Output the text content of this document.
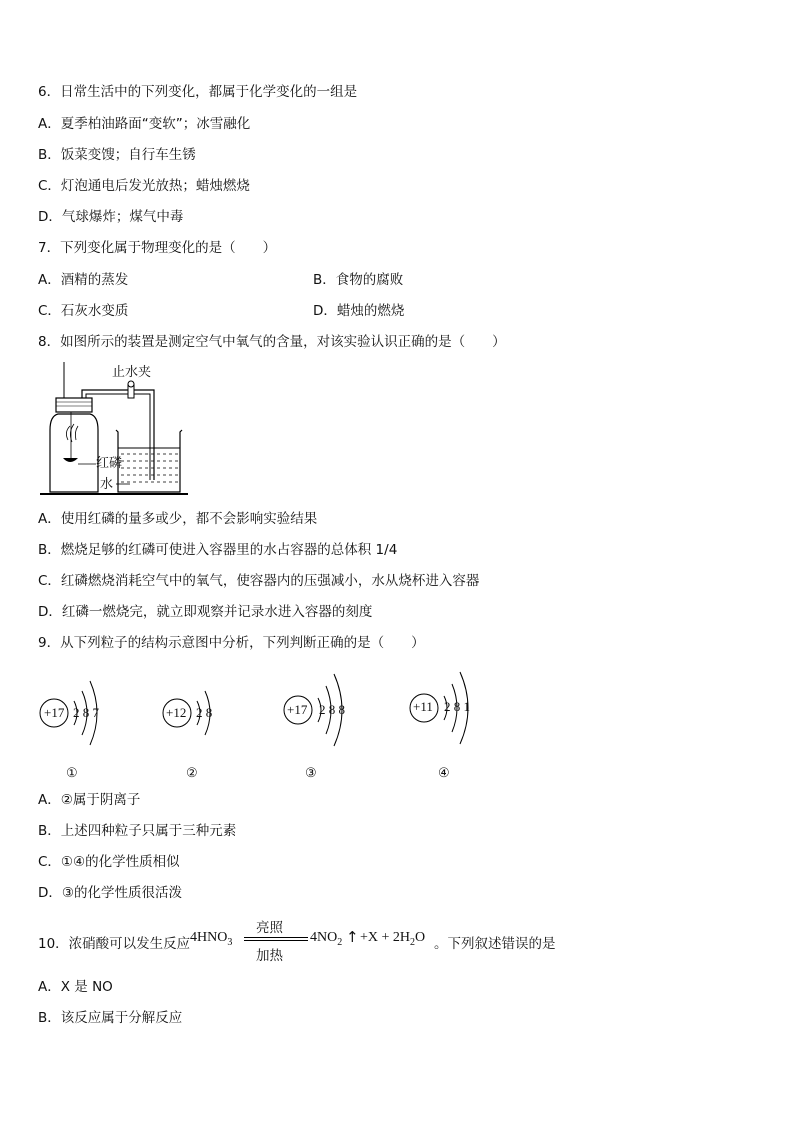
6．日常生活中的下列变化，都属于化学变化的一组是
A．夏季柏油路面“变软”；冰雪融化
B．饭菜变馊；自行车生锈
C．灯泡通电后发光放热；蜡烛燃烧
D．气球爆炸；煤气中毒
7．下列变化属于物理变化的是（　　）
A．酒精的蒸发	B．食物的腐败
C．石灰水变质	D．蜡烛的燃烧
8．如图所示的装置是测定空气中氧气的含量，对该实验认识正确的是（　　）
止水夹
红磷
水
A．使用红磷的量多或少，都不会影响实验结果
B．燃烧足够的红磷可使进入容器里的水占容器的总体积 1/4
C．红磷燃烧消耗空气中的氧气，使容器内的压强减小，水从烧杯进入容器
D．红磷一燃烧完，就立即观察并记录水进入容器的刻度
9．从下列粒子的结构示意图中分析，下列判断正确的是（　　）
+17 2 8 7
①
+12 2 8
②
+17 2 8 8
③
+11 2 8 1
④
A．②属于阴离子
B．上述四种粒子只属于三种元素
C．①④的化学性质相似
D．③的化学性质很活泼
10．浓硝酸可以发生反应 $4HNO_3$
亮照
加热
$4NO_2$ ↑ $+X + 2H_2O$ 。下列叙述错误的是
A．X 是 NO
B．该反应属于分解反应
